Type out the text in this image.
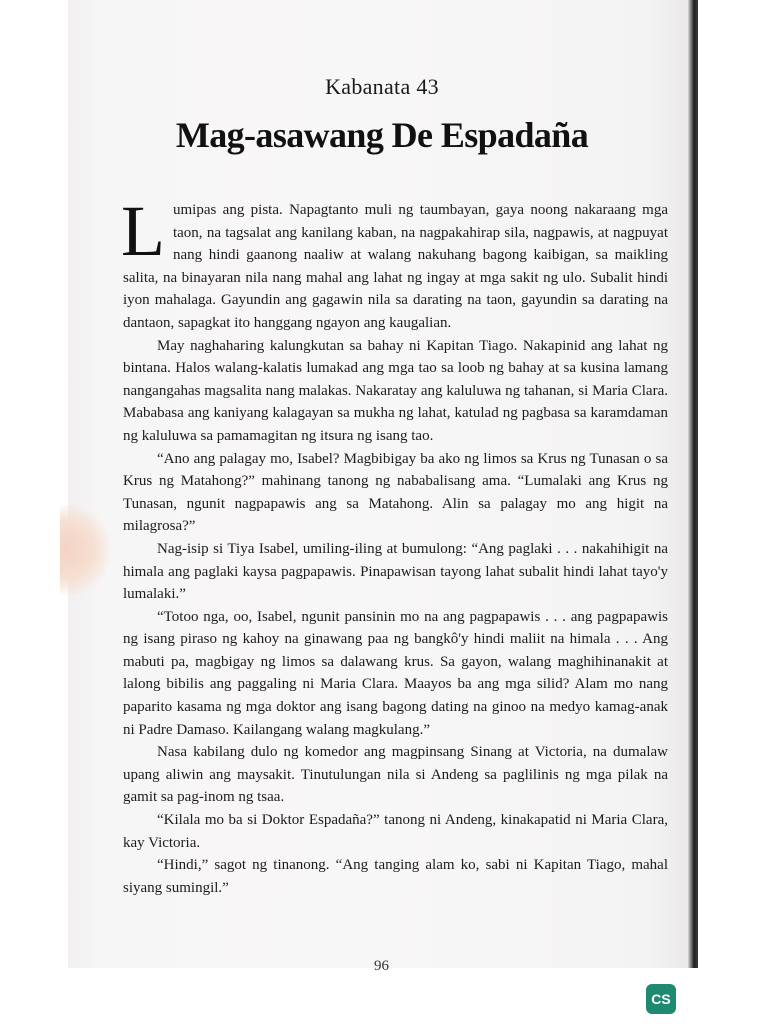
Kabanata 43
Mag-asawang De Espadaña

Lumipas ang pista. Napagtanto muli ng taumbayan, gaya noong nakaraang mga taon, na tagsalat ang kanilang kaban, na nagpakahirap sila, nagpawis, at nagpuyat nang hindi gaanong naaliw at walang nakuhang bagong kaibigan, sa maikling salita, na binayaran nila nang mahal ang lahat ng ingay at mga sakit ng ulo. Subalit hindi iyon mahalaga. Gayundin ang gagawin nila sa darating na taon, gayundin sa darating na dantaon, sapagkat ito hanggang ngayon ang kaugalian.

May naghaharing kalungkutan sa bahay ni Kapitan Tiago. Nakapinid ang lahat ng bintana. Halos walang-kalatis lumakad ang mga tao sa loob ng bahay at sa kusina lamang nangangahas magsalita nang malakas. Nakaratay ang kaluluwa ng tahanan, si Maria Clara. Mababasa ang kaniyang kalagayan sa mukha ng lahat, katulad ng pagbasa sa karamdaman ng kaluluwa sa pamamagitan ng itsura ng isang tao.

“Ano ang palagay mo, Isabel? Magbibigay ba ako ng limos sa Krus ng Tunasan o sa Krus ng Matahong?” mahinang tanong ng nababalisang ama. “Lumalaki ang Krus ng Tunasan, ngunit nagpapawis ang sa Matahong. Alin sa palagay mo ang higit na milagrosa?”

Nag-isip si Tiya Isabel, umiling-iling at bumulong: “Ang paglaki . . . nakahihigit na himala ang paglaki kaysa pagpapawis. Pinapawisan tayong lahat subalit hindi lahat tayo'y lumalaki.”

“Totoo nga, oo, Isabel, ngunit pansinin mo na ang pagpapawis . . . ang pagpapawis ng isang piraso ng kahoy na ginawang paa ng bangkô'y hindi maliit na himala . . . Ang mabuti pa, magbigay ng limos sa dalawang krus. Sa gayon, walang maghihinanakit at lalong bibilis ang paggaling ni Maria Clara. Maayos ba ang mga silid? Alam mo nang paparito kasama ng mga doktor ang isang bagong dating na ginoo na medyo kamag-anak ni Padre Damaso. Kailangang walang magkulang.”

Nasa kabilang dulo ng komedor ang magpinsang Sinang at Victoria, na dumalaw upang aliwin ang maysakit. Tinutulungan nila si Andeng sa paglilinis ng mga pilak na gamit sa pag-inom ng tsaa.

“Kilala mo ba si Doktor Espadaña?” tanong ni Andeng, kinakapatid ni Maria Clara, kay Victoria.

“Hindi,” sagot ng tinanong. “Ang tanging alam ko, sabi ni Kapitan Tiago, mahal siyang sumingil.”

96
CS
